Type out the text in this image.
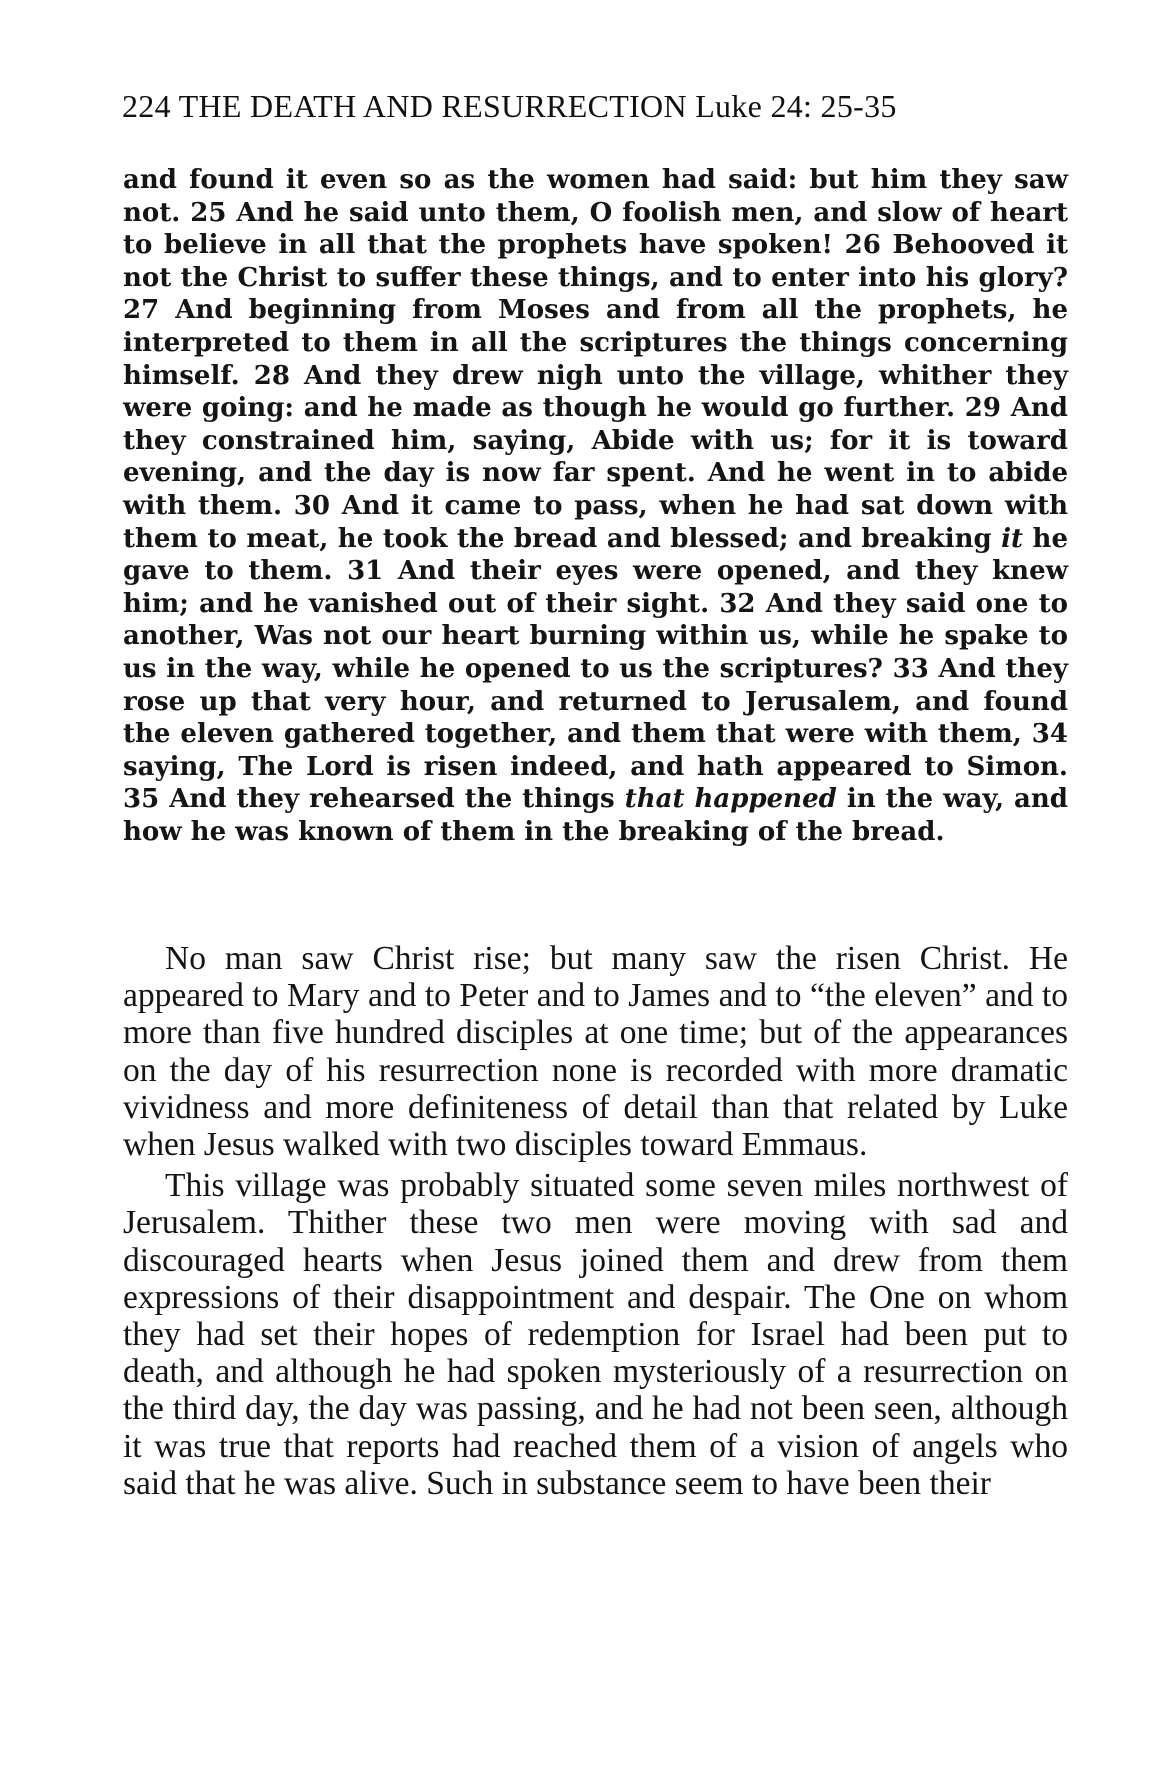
224 THE DEATH AND RESURRECTION Luke 24: 25-35

and found it even so as the women had said: but him they saw not. 25 And he said unto them, O foolish men, and slow of heart to believe in all that the prophets have spoken! 26 Behooved it not the Christ to suffer these things, and to enter into his glory? 27 And beginning from Moses and from all the prophets, he interpreted to them in all the scriptures the things concerning himself. 28 And they drew nigh unto the village, whither they were going: and he made as though he would go further. 29 And they constrained him, saying, Abide with us; for it is toward evening, and the day is now far spent. And he went in to abide with them. 30 And it came to pass, when he had sat down with them to meat, he took the bread and blessed; and breaking it he gave to them. 31 And their eyes were opened, and they knew him; and he vanished out of their sight. 32 And they said one to another, Was not our heart burning within us, while he spake to us in the way, while he opened to us the scriptures? 33 And they rose up that very hour, and returned to Jerusalem, and found the eleven gathered together, and them that were with them, 34 saying, The Lord is risen indeed, and hath appeared to Simon. 35 And they rehearsed the things that happened in the way, and how he was known of them in the breaking of the bread.

No man saw Christ rise; but many saw the risen Christ. He appeared to Mary and to Peter and to James and to “the eleven” and to more than five hundred disciples at one time; but of the appearances on the day of his resurrection none is recorded with more dramatic vividness and more definiteness of detail than that related by Luke when Jesus walked with two disciples toward Emmaus.

This village was probably situated some seven miles northwest of Jerusalem. Thither these two men were moving with sad and discouraged hearts when Jesus joined them and drew from them expressions of their disappointment and despair. The One on whom they had set their hopes of redemption for Israel had been put to death, and although he had spoken mysteriously of a resurrection on the third day, the day was passing, and he had not been seen, although it was true that reports had reached them of a vision of angels who said that he was alive. Such in substance seem to have been their
